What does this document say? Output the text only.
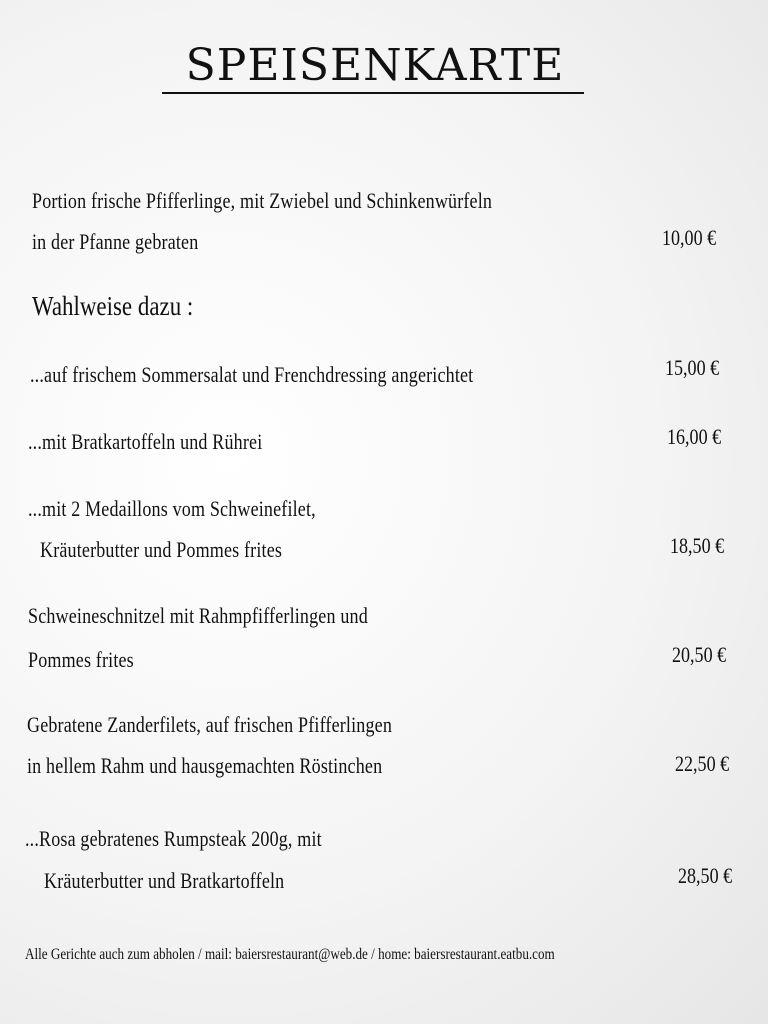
SPEISENKARTE
Portion frische Pfifferlinge, mit Zwiebel und Schinkenwürfeln
in der Pfanne gebraten	10,00 €
Wahlweise dazu :
...auf frischem Sommersalat und Frenchdressing angerichtet	15,00 €
...mit Bratkartoffeln und Rührei	16,00 €
...mit 2 Medaillons vom Schweinefilet,
Kräuterbutter und Pommes frites	18,50 €
Schweineschnitzel mit Rahmpfifferlingen und
Pommes frites	20,50 €
Gebratene Zanderfilets, auf frischen Pfifferlingen
in hellem Rahm und hausgemachten Röstinchen	22,50 €
...Rosa gebratenes Rumpsteak 200g, mit
Kräuterbutter und Bratkartoffeln	28,50 €
Alle Gerichte auch zum abholen / mail: baiersrestaurant@web.de / home: baiersrestaurant.eatbu.com
